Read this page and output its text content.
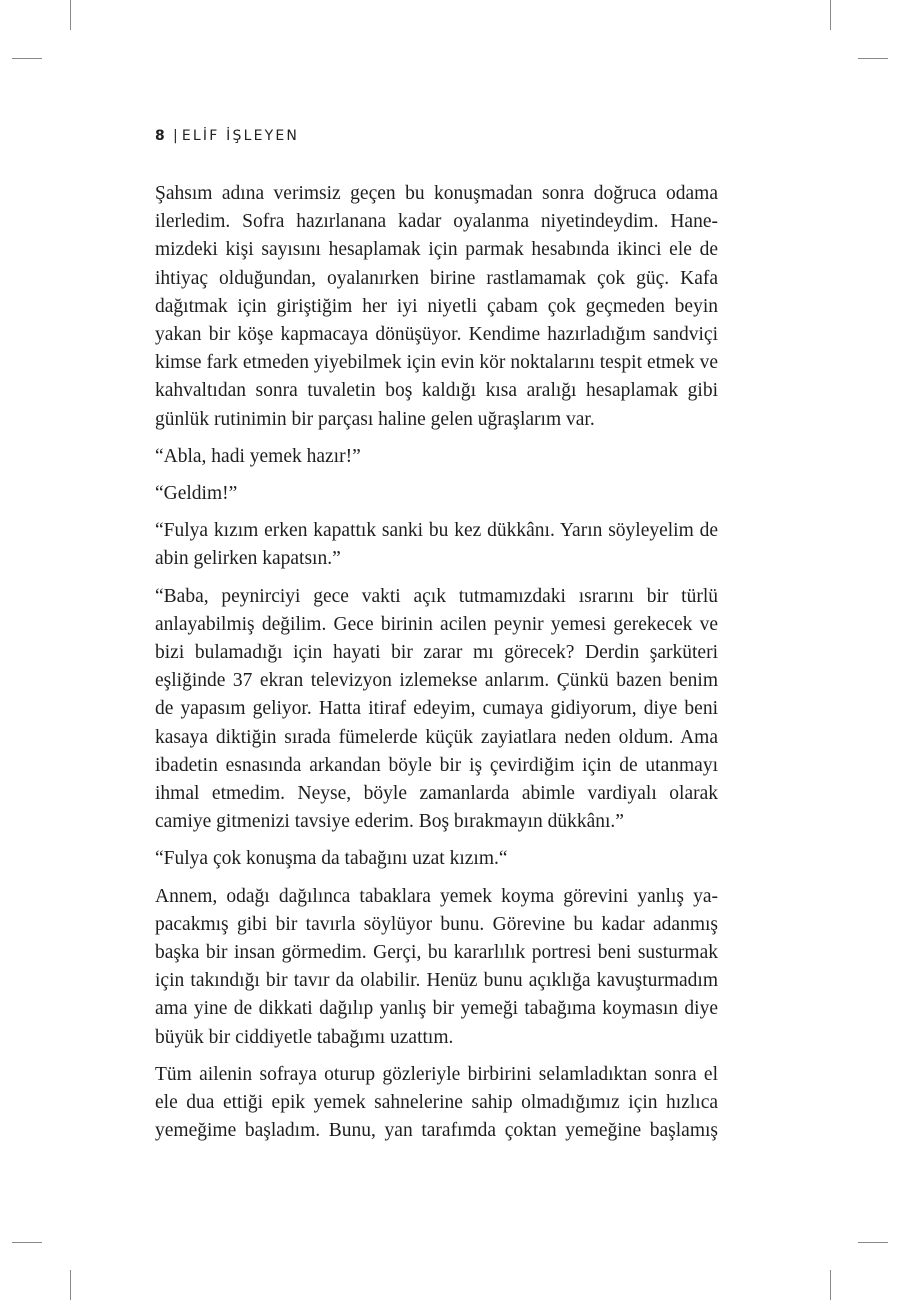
8 | ELİF İŞLEYEN

Şahsım adına verimsiz geçen bu konuşmadan sonra doğruca odama ilerledim. Sofra hazırlanana kadar oyalanma niyetindeydim. Hanemizdeki kişi sayısını hesaplamak için parmak hesabında ikinci ele de ihtiyaç olduğundan, oyalanırken birine rastlamamak çok güç. Kafa dağıtmak için giriştiğim her iyi niyetli çabam çok geçmeden beyin yakan bir köşe kapmacaya dönüşüyor. Kendime hazırladığım sandviçi kimse fark etmeden yiyebilmek için evin kör noktalarını tespit etmek ve kahvaltıdan sonra tuvaletin boş kaldığı kısa aralığı hesaplamak gibi günlük rutinimin bir parçası haline gelen uğraşlarım var.

“Abla, hadi yemek hazır!”

“Geldim!”

“Fulya kızım erken kapattık sanki bu kez dükkânı. Yarın söyleyelim de abin gelirken kapatsın.”

“Baba, peynirciyi gece vakti açık tutmamızdaki ısrarını bir türlü anlayabilmiş değilim. Gece birinin acilen peynir yemesi gerekecek ve bizi bulamadığı için hayati bir zarar mı görecek? Derdin şarküteri eşliğinde 37 ekran televizyon izlemekse anlarım. Çünkü bazen benim de yapasım geliyor. Hatta itiraf edeyim, cumaya gidiyorum, diye beni kasaya diktiğin sırada fümelerde küçük zayiatlara neden oldum. Ama ibadetin esnasında arkandan böyle bir iş çevirdiğim için de utanmayı ihmal etmedim. Neyse, böyle zamanlarda abimle vardiyalı olarak camiye gitmenizi tavsiye ederim. Boş bırakmayın dükkânı.”

“Fulya çok konuşma da tabağını uzat kızım.“

Annem, odağı dağılınca tabaklara yemek koyma görevini yanlış yapacakmış gibi bir tavırla söylüyor bunu. Görevine bu kadar adanmış başka bir insan görmedim. Gerçi, bu kararlılık portresi beni susturmak için takındığı bir tavır da olabilir. Henüz bunu açıklığa kavuşturmadım ama yine de dikkati dağılıp yanlış bir yemeği tabağıma koymasın diye büyük bir ciddiyetle tabağımı uzattım.

Tüm ailenin sofraya oturup gözleriyle birbirini selamladıktan sonra el ele dua ettiği epik yemek sahnelerine sahip olmadığımız için hızlıca yemeğime başladım. Bunu, yan tarafımda çoktan yemeğine başlamış
